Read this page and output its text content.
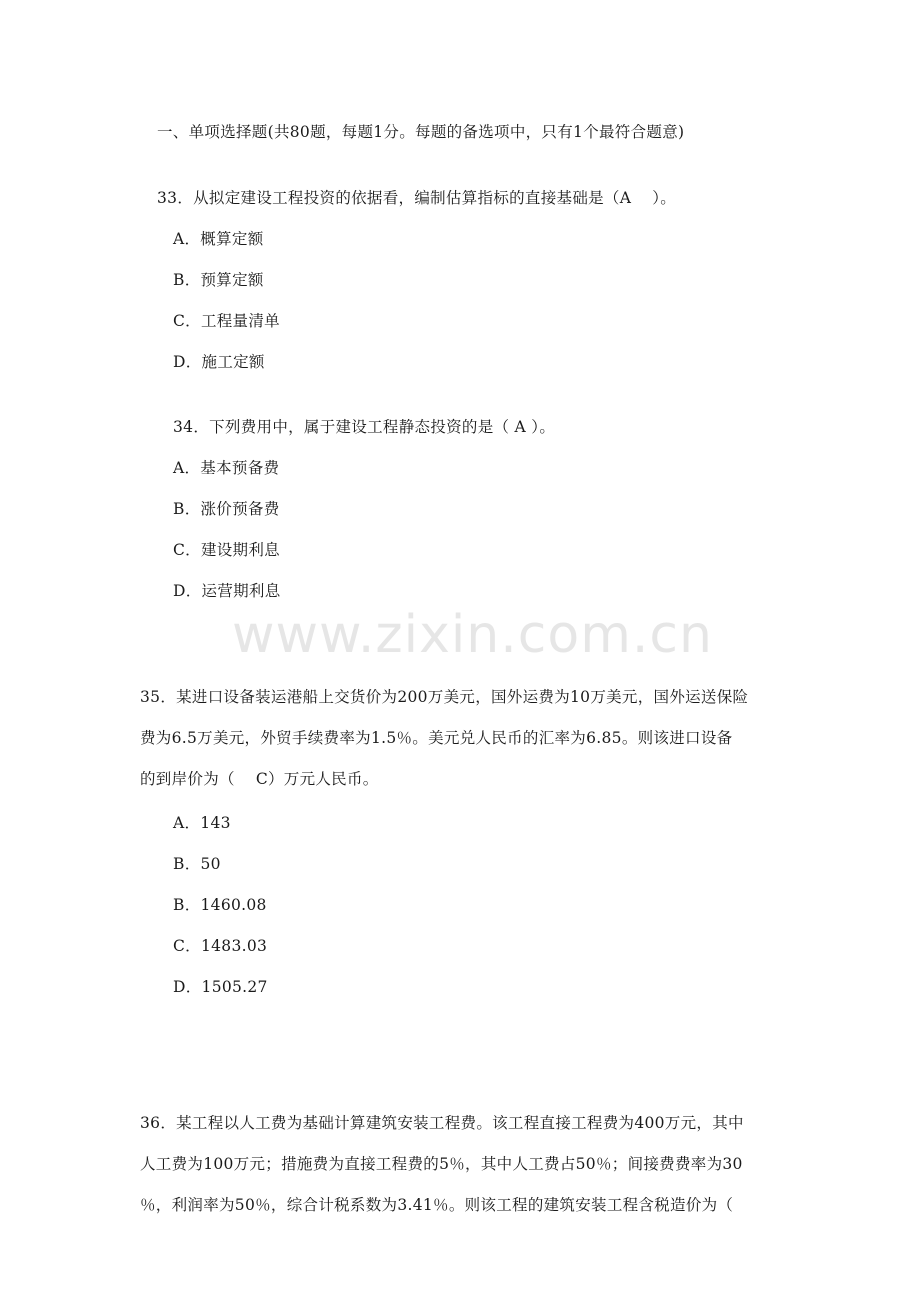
www.zixin.com.cn
一、单项选择题(共80题，每题1分。每题的备选项中，只有1个最符合题意)
33．从拟定建设工程投资的依据看，编制估算指标的直接基础是（A　 ）。
A．概算定额
B．预算定额
C．工程量清单
D．施工定额
34．下列费用中，属于建设工程静态投资的是（ A ）。
A．基本预备费
B．涨价预备费
C．建设期利息
D．运营期利息
35．某进口设备装运港船上交货价为200万美元，国外运费为10万美元，国外运送保险
费为6.5万美元，外贸手续费率为1.5％。美元兑人民币的汇率为6.85。则该进口设备
的到岸价为（　 C）万元人民币。
A．143
B．50
B．1460.08
C．1483.03
D．1505.27
36．某工程以人工费为基础计算建筑安装工程费。该工程直接工程费为400万元，其中
人工费为100万元；措施费为直接工程费的5％，其中人工费占50％；间接费费率为30
％，利润率为50％，综合计税系数为3.41％。则该工程的建筑安装工程含税造价为（
